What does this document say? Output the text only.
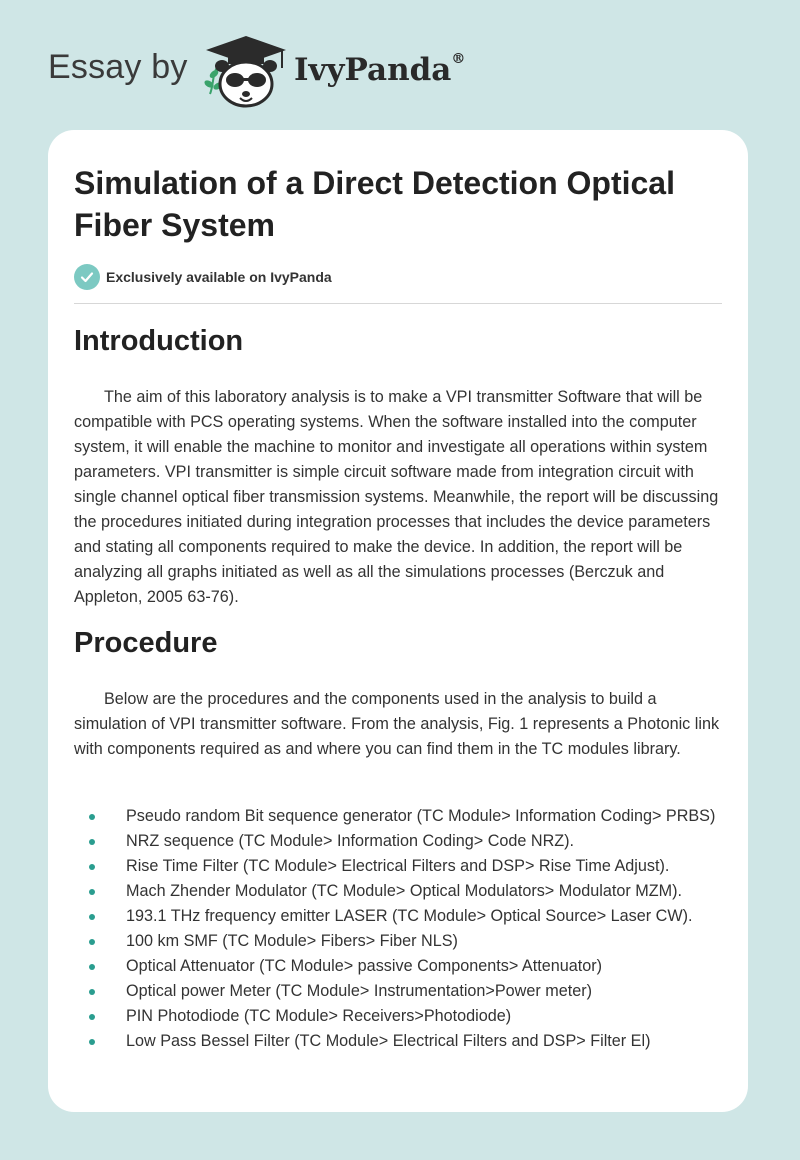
Essay by	IvyPanda®
Simulation of a Direct Detection Optical Fiber System
Exclusively available on IvyPanda
Introduction

The aim of this laboratory analysis is to make a VPI transmitter Software that will be compatible with PCS operating systems. When the software installed into the computer system, it will enable the machine to monitor and investigate all operations within system parameters. VPI transmitter is simple circuit software made from integration circuit with single channel optical fiber transmission systems. Meanwhile, the report will be discussing the procedures initiated during integration processes that includes the device parameters and stating all components required to make the device. In addition, the report will be analyzing all graphs initiated as well as all the simulations processes (Berczuk and Appleton, 2005 63-76).

Procedure

Below are the procedures and the components used in the analysis to build a simulation of VPI transmitter software. From the analysis, Fig. 1 represents a Photonic link with components required as and where you can find them in the TC modules library.

Pseudo random Bit sequence generator (TC Module> Information Coding> PRBS)
NRZ sequence (TC Module> Information Coding> Code NRZ).
Rise Time Filter (TC Module> Electrical Filters and DSP> Rise Time Adjust).
Mach Zhender Modulator (TC Module> Optical Modulators> Modulator MZM).
193.1 THz frequency emitter LASER (TC Module> Optical Source> Laser CW).
100 km SMF (TC Module> Fibers> Fiber NLS)
Optical Attenuator (TC Module> passive Components> Attenuator)
Optical power Meter (TC Module> Instrumentation>Power meter)
PIN Photodiode (TC Module> Receivers>Photodiode)
Low Pass Bessel Filter (TC Module> Electrical Filters and DSP> Filter El)
